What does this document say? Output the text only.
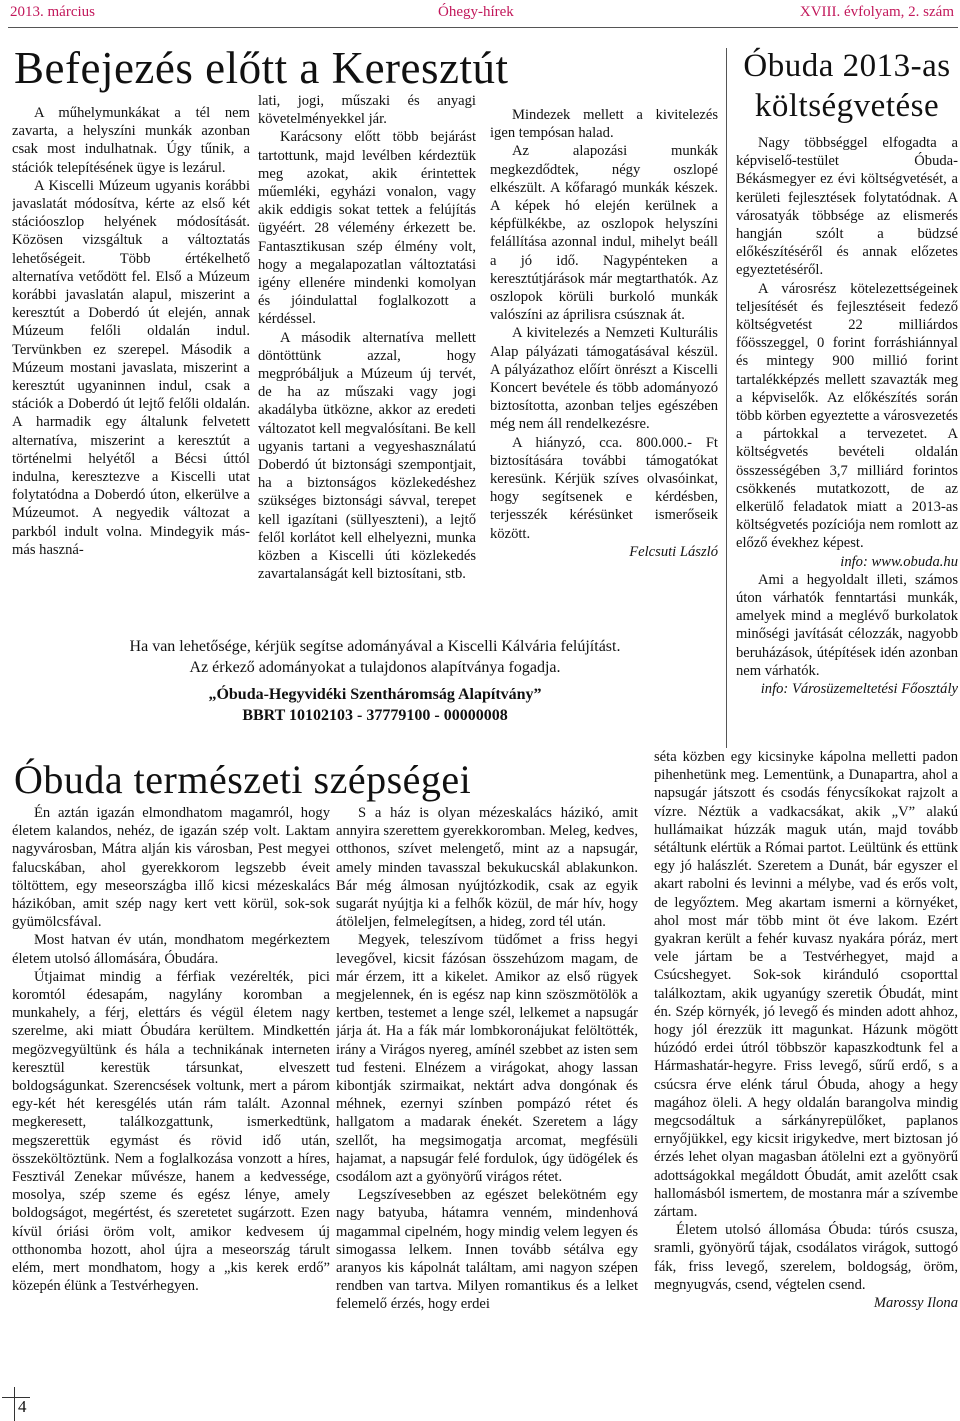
2013. március	Óhegy-hírek	XVIII. évfolyam, 2. szám
Befejezés előtt a Keresztút

A műhelymunkákat a tél nem zavarta, a helyszíni munkák azonban csak most indulhatnak. Úgy tűnik, a stációk telepítésének ügye is lezárul.

A Kiscelli Múzeum ugyanis korábbi javaslatát módosítva, kérte az első két stációoszlop helyének módosítását. Közösen vizsgáltuk a változtatás lehetőségeit. Több értékelhető alternatíva vetődött fel. Első a Múzeum korábbi javaslatán alapul, miszerint a keresztút a Doberdó út elején, annak Múzeum felőli oldalán indul. Tervünkben ez szerepel. Második a Múzeum mostani javaslata, miszerint a keresztút ugyaninnen indul, csak a stációk a Doberdó út lejtő felőli oldalán. A harmadik egy általunk felvetett alternatíva, miszerint a keresztút a történelmi helyétől a Bécsi úttól indulna, keresztezve a Kiscelli utat folytatódna a Doberdó úton, elkerülve a Múzeumot. A negyedik változat a parkból indult volna. Mindegyik más-más haszná-

lati, jogi, műszaki és anyagi követelményekkel jár.

Karácsony előtt több bejárást tartottunk, majd levélben kérdeztük meg azokat, akik érintettek műemléki, egyházi vonalon, vagy akik eddigis sokat tettek a felújítás ügyéért. 28 vélemény érkezett be. Fantasztikusan szép élmény volt, hogy a megalapozatlan változtatási igény ellenére mindenki komolyan és jóindulattal foglalkozott a kérdéssel.

A második alternatíva mellett döntöttünk azzal, hogy megpróbáljuk a Múzeum új tervét, de ha az műszaki vagy jogi akadályba ütközne, akkor az eredeti változatot kell megvalósítani. Be kell ugyanis tartani a vegyeshasználatú Doberdó út biztonsági szempontjait, ha a biztonságos közlekedéshez szükséges biztonsági sávval, terepet kell igazítani (süllyeszteni), a lejtő felől korlátot kell elhelyezni, munka közben a Kiscelli úti közlekedés zavartalanságát kell biztosítani, stb.

Mindezek mellett a kivitelezés igen tempósan halad.

Az alapozási munkák megkezdődtek, négy oszlopé elkészült. A kőfaragó munkák készek. A képek hó elején kerülnek a képfülkékbe, az oszlopok helyszíni felállítása azonnal indul, mihelyt beáll a jó idő. Nagypénteken a keresztútjárások már megtarthatók. Az oszlopok körüli burkoló munkák valószíni az áprilisra csúsznak át.

A kivitelezés a Nemzeti Kulturális Alap pályázati támogatásával készül. A pályázathoz előírt önrészt a Kiscelli Koncert bevétele és több adományozó biztosította, azonban teljes egészében még nem áll rendelkezésre.

A hiányzó, cca. 800.000.- Ft biztosítására további támogatókat keresünk. Kérjük szíves olvasóinkat, hogy segítsenek e kérdésben, terjesszék kérésünket ismerőseik között.

Felcsuti László
Ha van lehetősége, kérjük segítse adományával a Kiscelli Kálvária felújítást.
Az érkező adományokat a tulajdonos alapítványa fogadja.
„Óbuda-Hegyvidéki Szentháromság Alapítvány”
BBRT 10102103 - 37779100 - 00000008
Óbuda 2013-as költségvetése

Nagy többséggel elfogadta a képviselő-testület Óbuda-Békásmegyer ez évi költségvetését, a kerületi fejlesztések folytatódnak. A városatyák többsége az elismerés hangján szólt a büdzsé előkészítéséről és annak előzetes egyeztetéséről.

A városrész kötelezettségeinek teljesítését és fejlesztéseit fedező költségvetést 22 milliárdos főösszeggel, 0 forint forráshiánnyal és mintegy 900 millió forint tartalékképzés mellett szavazták meg a képviselők. Az előkészítés során több körben egyeztette a városvezetés a pártokkal a tervezetet. A költségvetés bevételi oldalán összességében 3,7 milliárd forintos csökkenés mutatkozott, de az elkerülő feladatok miatt a 2013-as költségvetés pozíciója nem romlott az előző évekhez képest.

info: www.obuda.hu

Ami a hegyoldalt illeti, számos úton várhatók fenntartási munkák, amelyek mind a meglévő burkolatok minőségi javítását célozzák, nagyobb beruházások, útépítések idén azonban nem várhatók.

info: Városüzemeltetési Főosztály
Óbuda természeti szépségei

Én aztán igazán elmondhatom magamról, hogy életem kalandos, nehéz, de igazán szép volt. Laktam nagyvárosban, Mátra alján kis városban, Pest megyei falucskában, ahol gyerekkorom legszebb éveit töltöttem, egy meseországba illő kicsi mézeskalács házikóban, amit szép nagy kert vett körül, sok-sok gyümölcsfával.

Most hatvan év után, mondhatom megérkeztem életem utolsó állomására, Óbudára.

Útjaimat mindig a férfiak vezérelték, pici koromtól édesapám, nagylány koromban a munkahely, a férj, elettárs és végül életem nagy szerelme, aki miatt Óbudára kerültem. Mindkettén megözvegyültünk és hála a technikának interneten keresztül kerestük társunkat, elveszett boldogságunkat. Szerencsések voltunk, mert a párom egy-két hét keresgélés után rám talált. Azonnal megkeresett, találkozgattunk, ismerkedtünk, megszerettük egymást és rövid idő után, összeköltöztünk. Nem a foglalkozása vonzott a híres, Fesztivál Zenekar művésze, hanem a kedvessége, mosolya, szép szeme és egész lénye, amely boldogságot, megértést, és szeretetet sugárzott. Ezen kívül óriási öröm volt, amikor kedvesem új otthonomba hozott, ahol újra a meseország tárult elém, mert mondhatom, hogy a „kis kerek erdő” közepén élünk a Testvérhegyen.

S a ház is olyan mézeskalács házikó, amit annyira szerettem gyerekkoromban. Meleg, kedves, otthonos, szívet melengető, mint az a napsugár, amely minden tavasszal bekukucskál ablakunkon. Bár még álmosan nyújtózkodik, csak az egyik sugarát nyújtja ki a felhők közül, de már hív, hogy átöleljen, felmelegítsen, a hideg, zord tél után.

Megyek, teleszívom tüdőmet a friss hegyi levegővel, kicsit fázósan összehúzom magam, de már érzem, itt a kikelet. Amikor az első rügyek megjelennek, én is egész nap kinn szöszmötölök a kertben, testemet a lenge szél, lelkemet a napsugár járja át. Ha a fák már lombkoronájukat felöltötték, irány a Virágos nyereg, amínél szebbet az isten sem tud festeni. Elnézem a virágokat, ahogy lassan kibontják szirmaikat, nektárt adva dongónak és méhnek, ezernyi színben pompázó rétet és hallgatom a madarak énekét. Szeretem a lágy szellőt, ha megsimogatja arcomat, megfésüli hajamat, a napsugár felé fordulok, úgy üdögélek és csodálom azt a gyönyörű virágos rétet.

Legszívesebben az egészet belekötném egy nagy batyuba, hátamra venném, mindenhová magammal cipelném, hogy mindig velem legyen és simogassa lelkem. Innen tovább sétálva egy aranyos kis kápolnát találtam, ami nagyon szépen rendben van tartva. Milyen romantikus és a lelket felemelő érzés, hogy erdei

séta közben egy kicsinyke kápolna melletti padon pihenhetünk meg. Lementünk, a Dunapartra, ahol a napsugár játszott és csodás fénycsíkokat rajzolt a vízre. Néztük a vadkacsákat, akik „V” alakú hullámaikat húzzák maguk után, majd tovább sétáltunk elértük a Római partot. Leültünk és ettünk egy jó halászlét. Szeretem a Dunát, bár egyszer el akart rabolni és levinni a mélybe, vad és erős volt, de legyőztem. Meg akartam ismerni a környéket, ahol most már több mint öt éve lakom. Ezért gyakran került a fehér kuvasz nyakára póráz, mert vele jártam be a Testvérhegyet, majd a Csúcshegyet. Sok-sok kiránduló csoporttal találkoztam, akik ugyanúgy szeretik Óbudát, mint én. Szép környék, jó levegő és minden adott ahhoz, hogy jól érezzük itt magunkat. Házunk mögött húzódó erdei útról többször kapaszkodtunk fel a Hármashatár-hegyre. Friss levegő, sűrű erdő, s a csúcsra érve elénk tárul Óbuda, ahogy a hegy magához öleli. A hegy oldalán barangolva mindig megcsodáltuk a sárkányrepülőket, paplanos ernyőjükkel, egy kicsit irigykedve, mert biztosan jó érzés lehet olyan magasban átölelni ezt a gyönyörű adottságokkal megáldott Óbudát, amit azelőtt csak hallomásból ismertem, de mostanra már a szívembe zártam.

Életem utolsó állomása Óbuda: túrós csusza, sramli, gyönyörű tájak, csodálatos virágok, suttogó fák, friss levegő, szerelem, boldogság, öröm, megnyugvás, csend, végtelen csend.

Marossy Ilona
4
